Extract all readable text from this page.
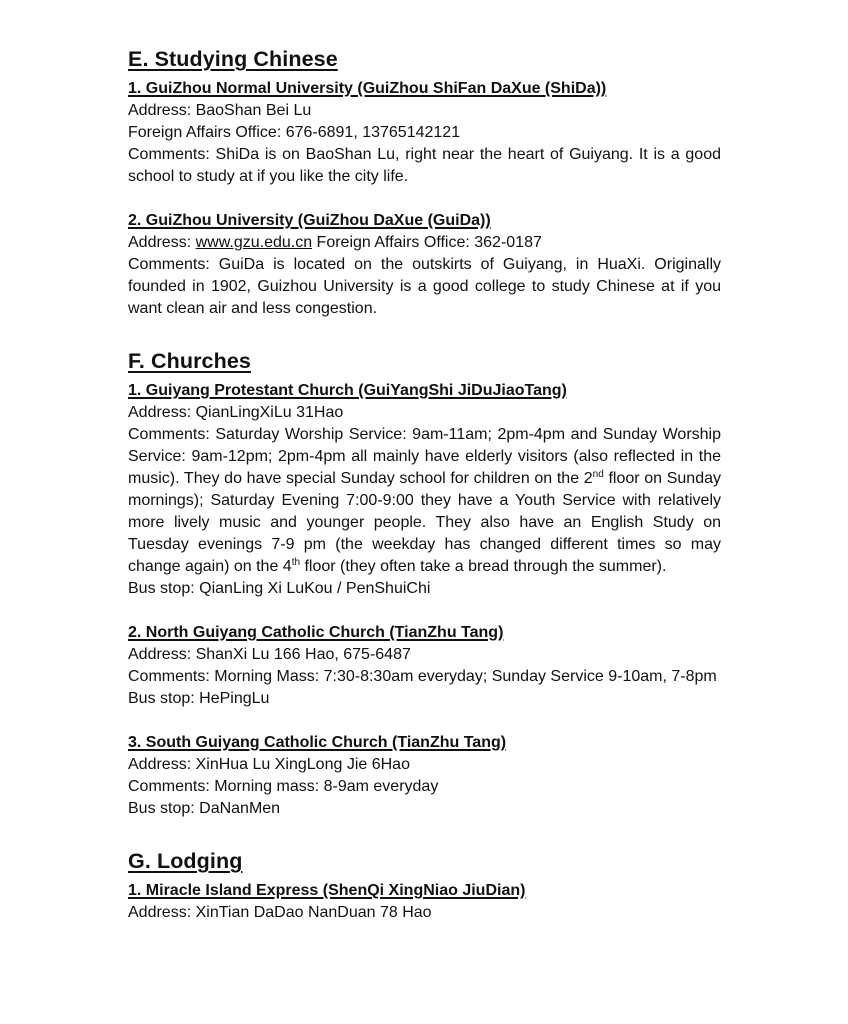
E. Studying Chinese

1. GuiZhou Normal University (GuiZhou ShiFan DaXue (ShiDa))

Address: BaoShan Bei Lu

Foreign Affairs Office: 676-6891, 13765142121

Comments: ShiDa is on BaoShan Lu, right near the heart of Guiyang. It is a good school to study at if you like the city life.

2. GuiZhou University (GuiZhou DaXue (GuiDa))

Address: www.gzu.edu.cn Foreign Affairs Office: 362-0187

Comments: GuiDa is located on the outskirts of Guiyang, in HuaXi. Originally founded in 1902, Guizhou University is a good college to study Chinese at if you want clean air and less congestion.

F. Churches

1. Guiyang Protestant Church (GuiYangShi JiDuJiaoTang)

Address: QianLingXiLu 31Hao

Comments: Saturday Worship Service: 9am-11am; 2pm-4pm and Sunday Worship Service: 9am-12pm; 2pm-4pm all mainly have elderly visitors (also reflected in the music). They do have special Sunday school for children on the 2nd floor on Sunday mornings); Saturday Evening 7:00-9:00 they have a Youth Service with relatively more lively music and younger people. They also have an English Study on Tuesday evenings 7-9 pm (the weekday has changed different times so may change again) on the 4th floor (they often take a bread through the summer).

Bus stop: QianLing Xi LuKou / PenShuiChi

2. North Guiyang Catholic Church (TianZhu Tang)

Address: ShanXi Lu 166 Hao, 675-6487

Comments: Morning Mass: 7:30-8:30am everyday; Sunday Service 9-10am, 7-8pm

Bus stop: HePingLu

3. South Guiyang Catholic Church (TianZhu Tang)

Address: XinHua Lu XingLong Jie 6Hao

Comments: Morning mass: 8-9am everyday

Bus stop: DaNanMen

G. Lodging

1. Miracle Island Express (ShenQi XingNiao JiuDian)

Address: XinTian DaDao NanDuan 78 Hao
